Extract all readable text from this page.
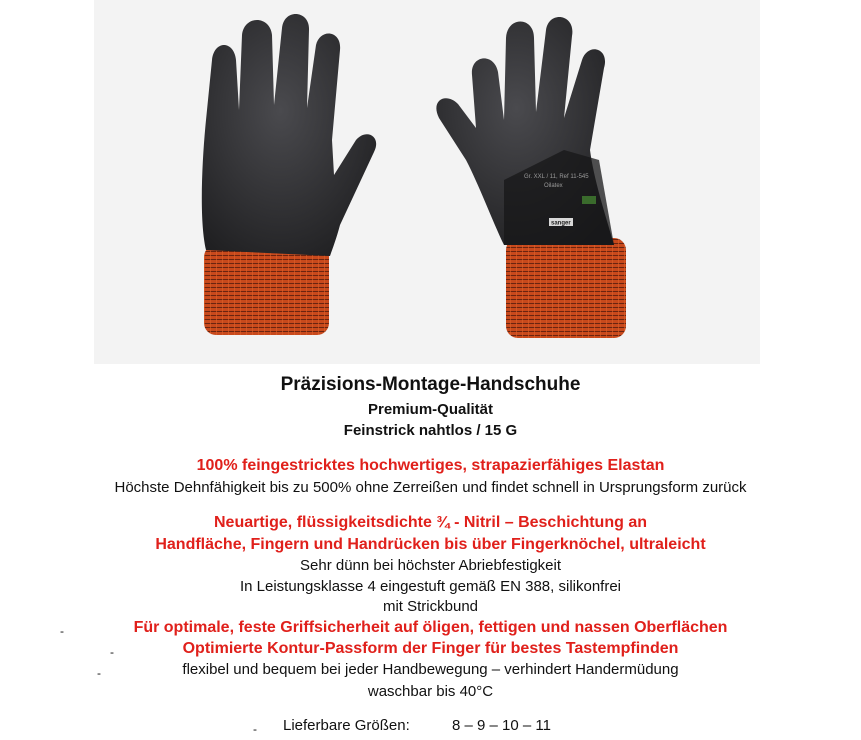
Gr. XXL / 11, Ref 11-545
Oilatex
sanger
Präzisions-Montage-Handschuhe
Premium-Qualität
Feinstrick nahtlos / 15 G
100% feingestricktes hochwertiges, strapazierfähiges Elastan
Höchste Dehnfähigkeit bis zu 500% ohne Zerreißen und findet schnell in Ursprungsform zurück
Neuartige, flüssigkeitsdichte ¾ - Nitril – Beschichtung an
Handfläche, Fingern und Handrücken bis über Fingerknöchel, ultraleicht
Sehr dünn bei höchster Abriebfestigkeit
In Leistungsklasse 4 eingestuft gemäß EN 388, silikonfrei
mit Strickbund
-	Für optimale, feste Griffsicherheit auf öligen, fettigen und nassen Oberflächen
-	Optimierte Kontur-Passform der Finger für bestes Tastempfinden
-	flexibel und bequem bei jeder Handbewegung – verhindert Handermüdung
waschbar bis 40°C
- Lieferbare Größen:	8 – 9 – 10 – 11
